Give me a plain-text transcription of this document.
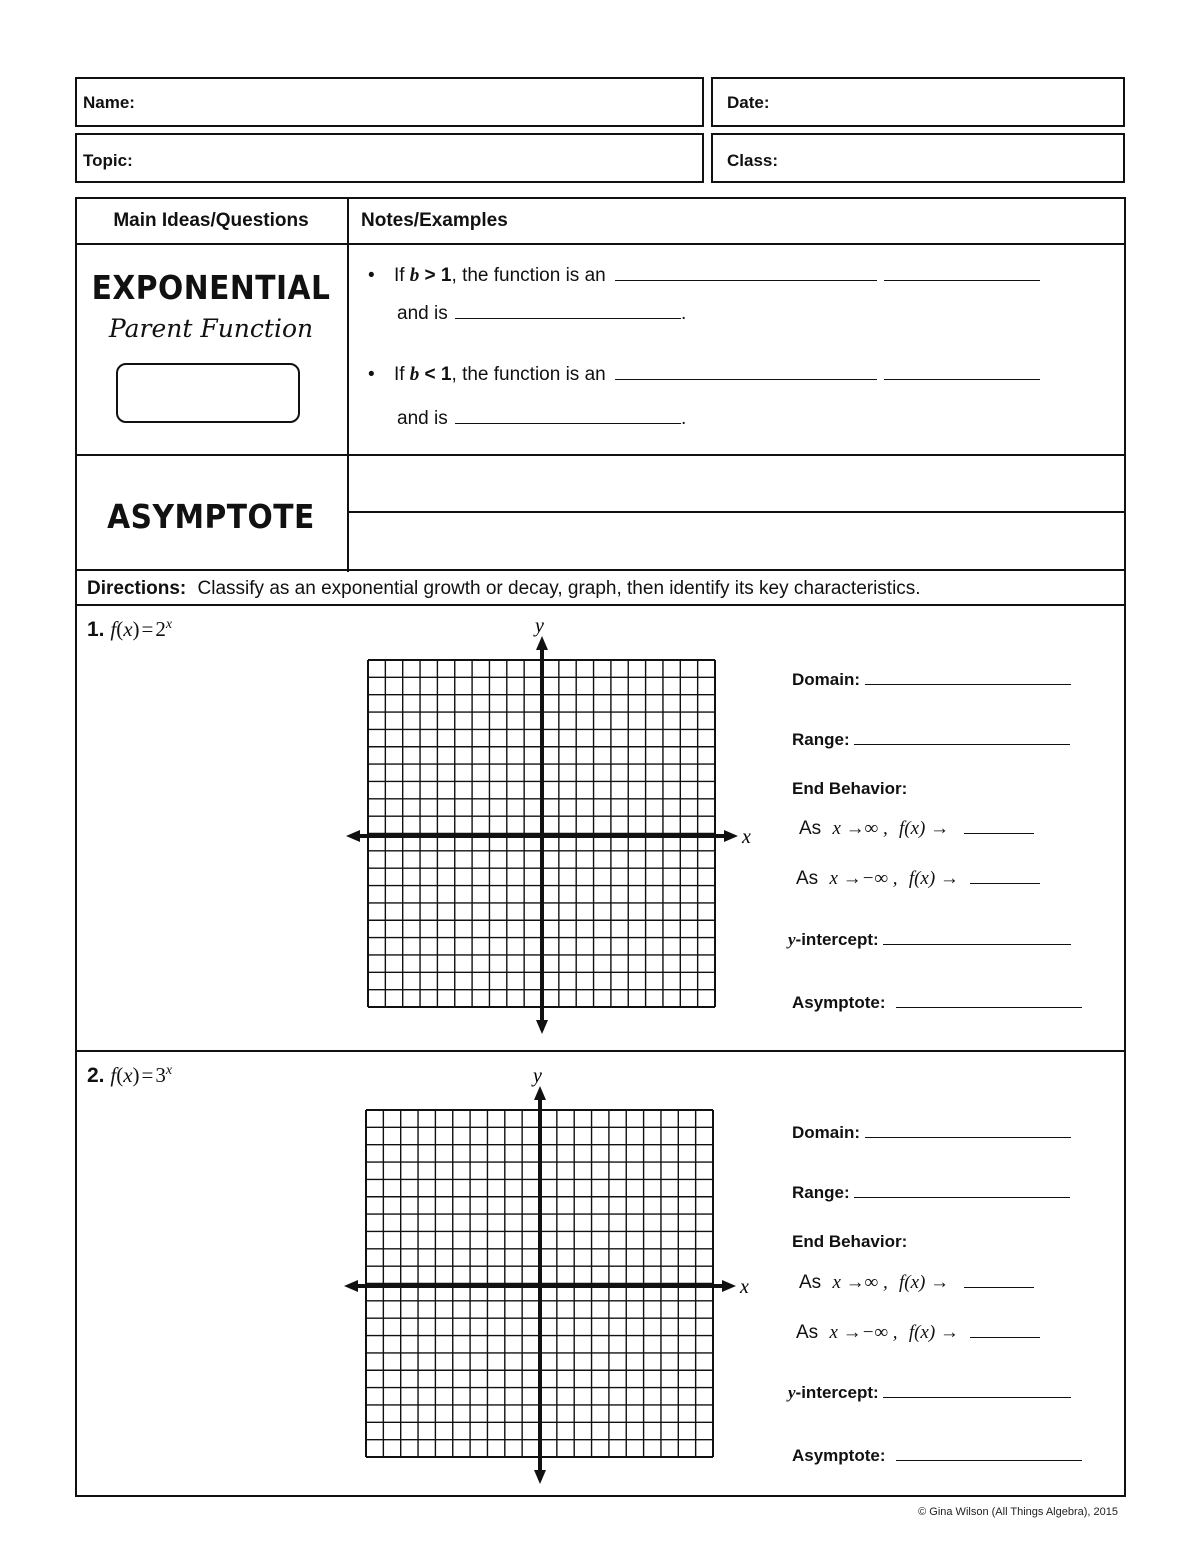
Name:	Date:
Topic:	Class:
Main Ideas/Questions	Notes/Examples
EXPONENTIAL
Parent Function
• If b > 1, the function is an
and is	.
• If b < 1, the function is an
and is	.
ASYMPTOTE
Directions: Classify as an exponential growth or decay, graph, then identify its key characteristics.
1. $f(x)=2^x$
x
y
Domain:
Range:
End Behavior:
As x →∞ , f(x) →
As x →−∞ , f(x) →
y-intercept:
Asymptote:
2. $f(x)=3^x$
x
y
Domain:
Range:
End Behavior:
As x →∞ , f(x) →
As x →−∞ , f(x) →
y-intercept:
Asymptote:
© Gina Wilson (All Things Algebra), 2015
